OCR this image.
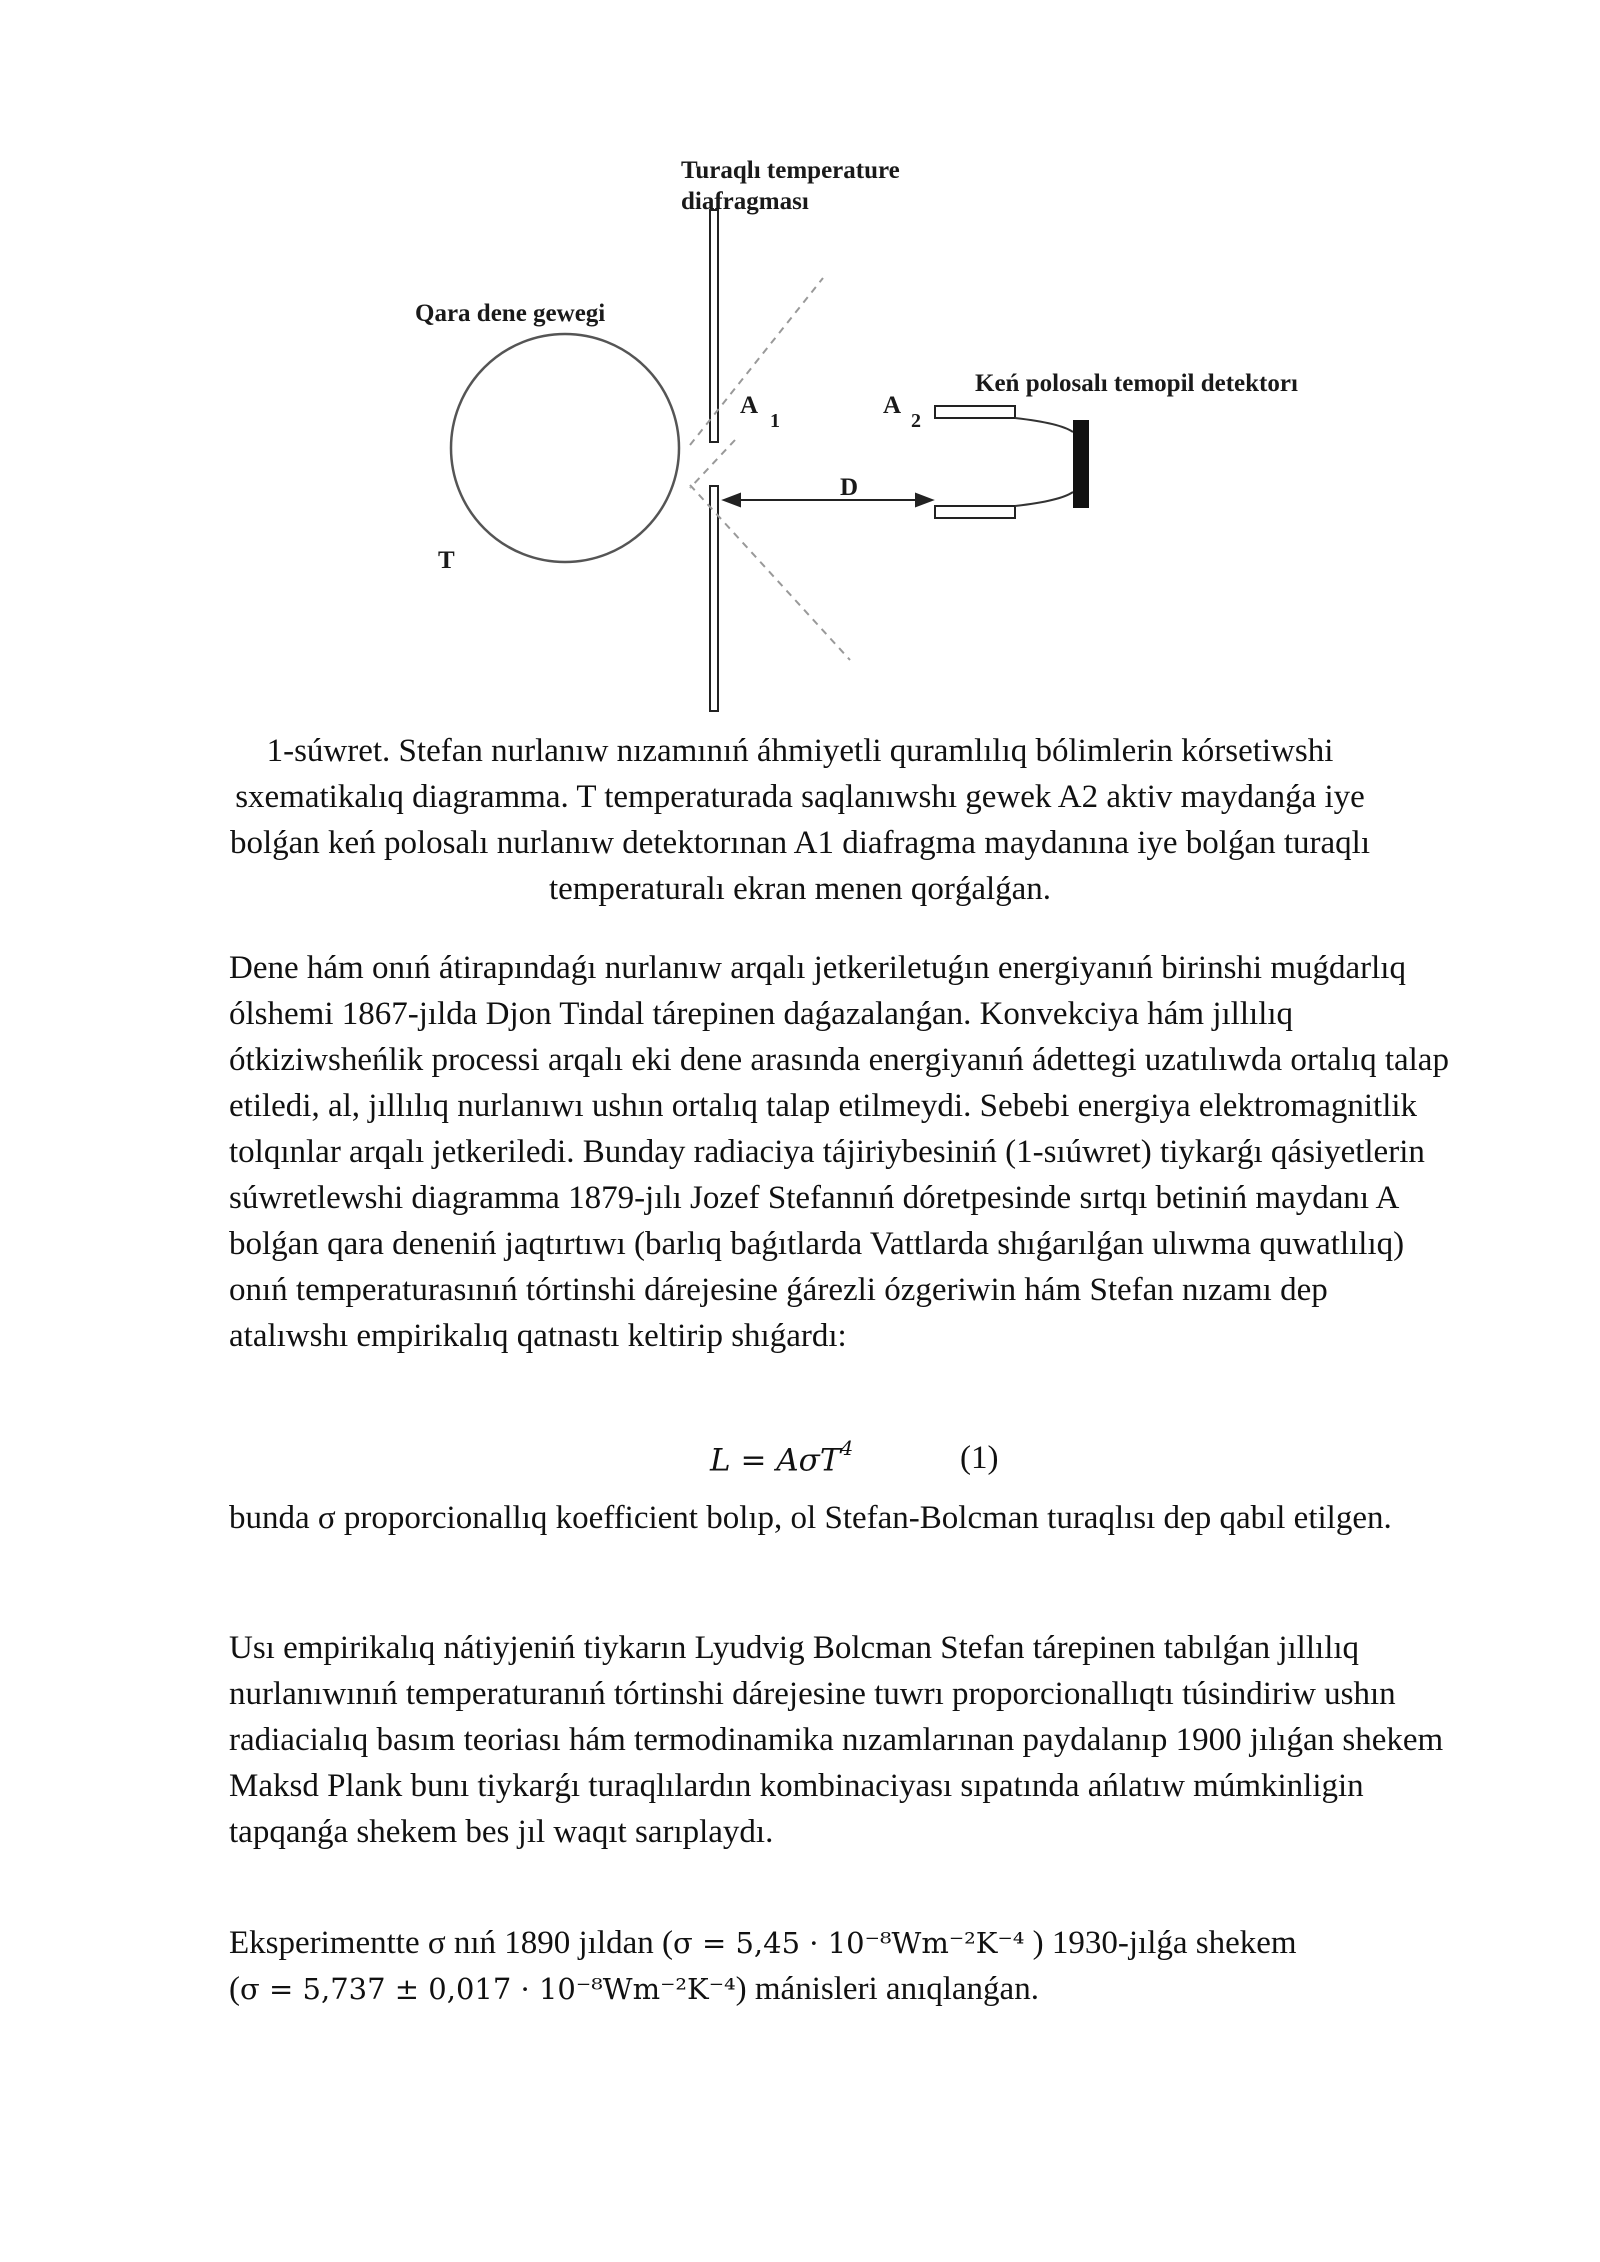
Turaqlı temperature
diafragması
Qara dene gewegi
Keń polosalı temopil detektorı
A
1
A
2
D
T

1-súwret. Stefan nurlanıw nızamınıń áhmiyetli quramlılıq bólimlerin kórsetiwshi sxematikalıq diagramma. T temperaturada saqlanıwshı gewek A2 aktiv maydanǵa iye bolǵan keń polosalı nurlanıw detektorınan A1 diafragma maydanına iye bolǵan turaqlı temperaturalı ekran menen qorǵalǵan.

Dene hám onıń átirapındaǵı nurlanıw arqalı jetkeriletuǵın energiyanıń birinshi muǵdarlıq ólshemi 1867-jılda Djon Tindal tárepinen daǵazalanǵan. Konvekciya hám jıllılıq ótkiziwsheńlik processi arqalı eki dene arasında energiyanıń ádettegi uzatılıwda ortalıq talap etiledi, al, jıllılıq nurlanıwı ushın ortalıq talap etilmeydi. Sebebi energiya elektromagnitlik tolqınlar arqalı jetkeriledi. Bunday radiaciya tájiriybesiniń (1-sıúwret) tiykarǵı qásiyetlerin súwretlewshi diagramma 1879-jılı Jozef Stefannıń dóretpesinde sırtqı betiniń maydanı A bolǵan qara deneniń jaqtırtıwı (barlıq baǵıtlarda Vattlarda shıǵarılǵan ulıwma quwatlılıq) onıń temperaturasınıń tórtinshi dárejesine ǵárezli ózgeriwin hám Stefan nızamı dep atalıwshı empirikalıq qatnastı keltirip shıǵardı:

L = AσT$^4$	(1)

bunda σ proporcionallıq koefficient bolıp, ol Stefan-Bolcman turaqlısı dep qabıl etilgen.

Usı empirikalıq nátiyjeniń tiykarın Lyudvig Bolcman Stefan tárepinen tabılǵan jıllılıq nurlanıwınıń temperaturanıń tórtinshi dárejesine tuwrı proporcionallıqtı túsindiriw ushın radiacialıq basım teoriası hám termodinamika nızamlarınan paydalanıp 1900 jılıǵan shekem Maksd Plank bunı tiykarǵı turaqlılardın kombinaciyası sıpatında ańlatıw múmkinligin tapqanǵa shekem bes jıl waqıt sarıplaydı.

Eksperimentte σ nıń 1890 jıldan (σ = 5,45 · 10⁻⁸Wm⁻²K⁻⁴ ) 1930-jılǵa shekem
(σ = 5,737 ± 0,017 · 10⁻⁸Wm⁻²K⁻⁴) mánisleri anıqlanǵan.
